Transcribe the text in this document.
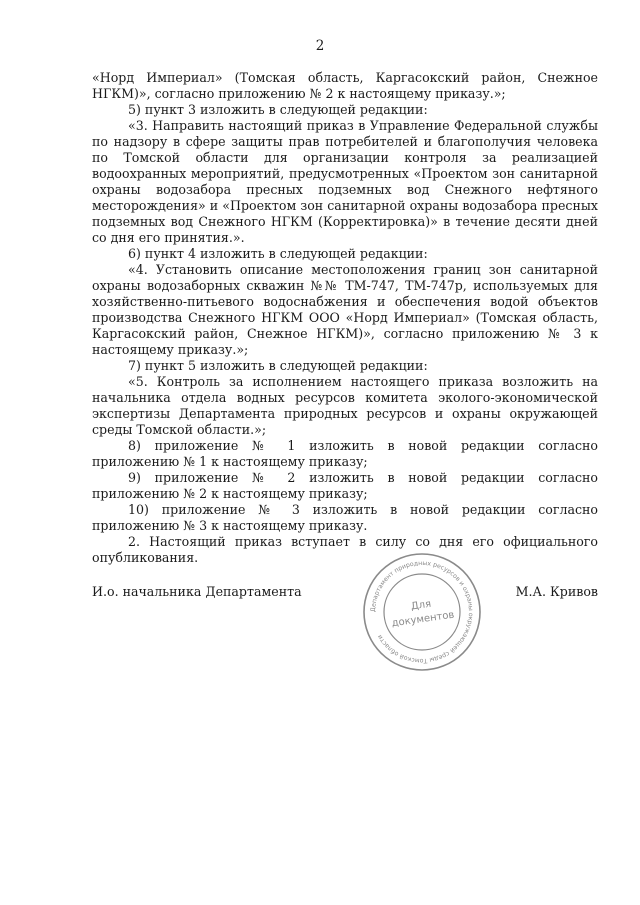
2

«Норд Империал» (Томская область, Каргасокский район, Снежное НГКМ)», согласно приложению № 2 к настоящему приказу.»;

5) пункт 3 изложить в следующей редакции:

«3. Направить настоящий приказ в Управление Федеральной службы по надзору в сфере защиты прав потребителей и благополучия человека по Томской области для организации контроля за реализацией водоохранных мероприятий, предусмотренных «Проектом зон санитарной охраны водозабора пресных подземных вод Снежного нефтяного месторождения» и «Проектом зон санитарной охраны водозабора пресных подземных вод Снежного НГКМ (Корректировка)» в течение десяти дней со дня его принятия.».

6) пункт 4 изложить в следующей редакции:

«4. Установить описание местоположения границ зон санитарной охраны водозаборных скважин №№ ТМ-747, ТМ-747р, используемых для хозяйственно-питьевого водоснабжения и обеспечения водой объектов производства Снежного НГКМ ООО «Норд Империал» (Томская область, Каргасокский район, Снежное НГКМ)», согласно приложению № 3 к настоящему приказу.»;

7) пункт 5 изложить в следующей редакции:

«5. Контроль за исполнением настоящего приказа возложить на начальника отдела водных ресурсов комитета эколого-экономической экспертизы Департамента природных ресурсов и охраны окружающей среды Томской области.»;

8) приложение № 1 изложить в новой редакции согласно приложению № 1 к настоящему приказу;

9) приложение № 2 изложить в новой редакции согласно приложению № 2 к настоящему приказу;

10) приложение № 3 изложить в новой редакции согласно приложению № 3 к настоящему приказу.

2. Настоящий приказ вступает в силу со дня его официального опубликования.

И.о. начальника Департамента
Департамент природных ресурсов и охраны окружающей среды Томской области
Для
документов
М.А. Кривов
